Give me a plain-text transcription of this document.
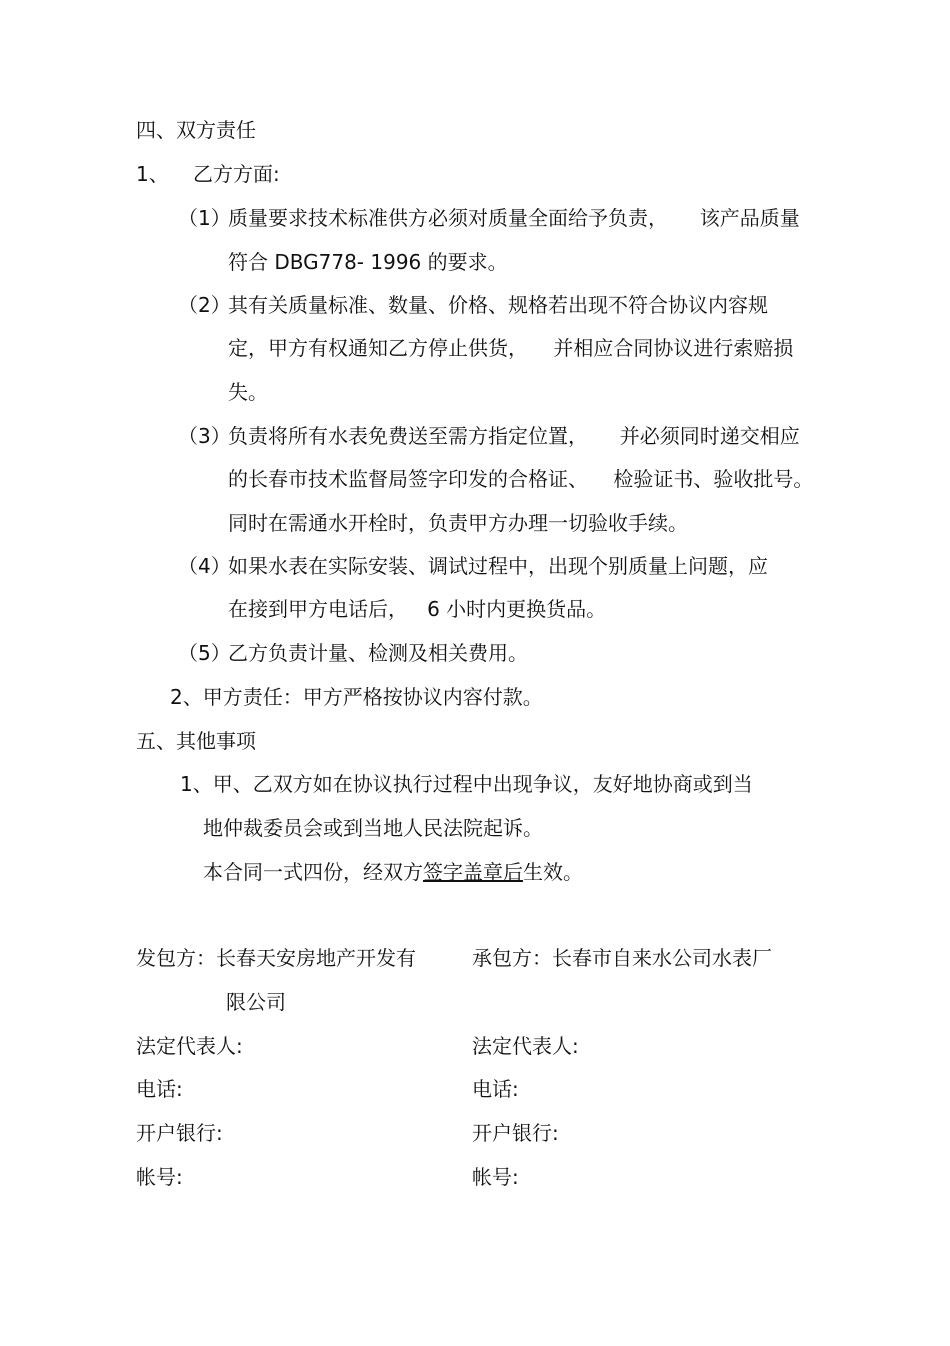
四、双方责任
1、 乙方方面:
（1）
质量要求技术标准供方必须对质量全面给予负责，     该产品质量
符合 DBG778- 1996 的要求。
（2）
其有关质量标准、数量、价格、规格若出现不符合协议内容规
定，甲方有权通知乙方停止供货，    并相应合同协议进行索赔损
失。
（3）
负责将所有水表免费送至需方指定位置，     并必须同时递交相应
的长春市技术监督局签字印发的合格证、    检验证书、验收批号。
同时在需通水开栓时，负责甲方办理一切验收手续。
（4）
如果水表在实际安装、调试过程中，出现个别质量上问题，应
在接到甲方电话后，   6 小时内更换货品。
（5）
乙方负责计量、检测及相关费用。
2、甲方责任：甲方严格按协议内容付款。
五、其他事项
1、甲、乙双方如在协议执行过程中出现争议，友好地协商或到当
地仲裁委员会或到当地人民法院起诉。
本合同一式四份，经双方签字盖章后生效。
发包方：长春天安房地产开发有
限公司
法定代表人:
电话:
开户银行:
帐号:
承包方：长春市自来水公司水表厂
法定代表人:
电话:
开户银行:
帐号:
